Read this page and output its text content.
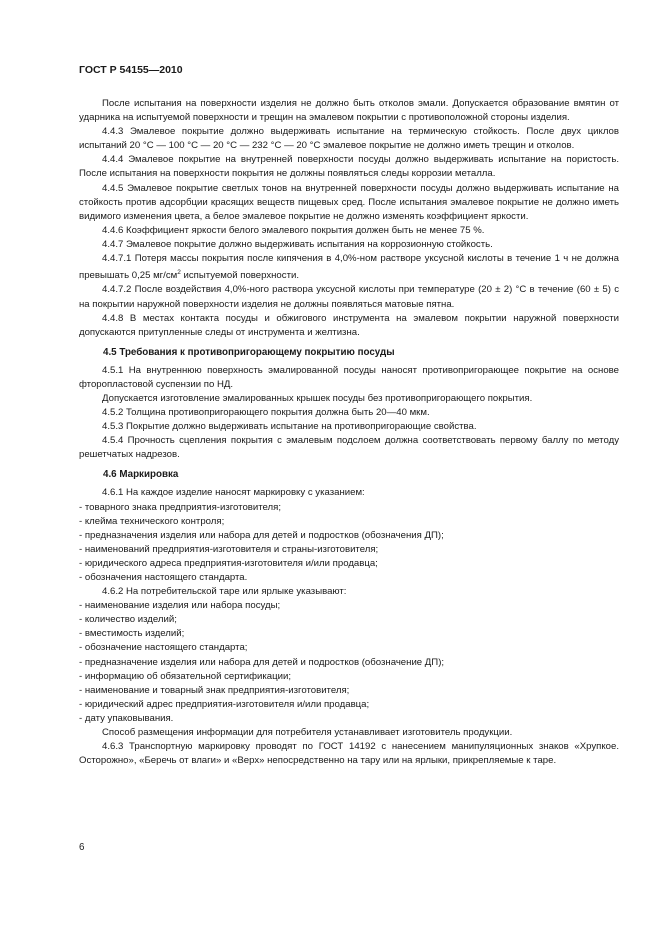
ГОСТ Р 54155—2010

После испытания на поверхности изделия не должно быть отколов эмали. Допускается образование вмятин от ударника на испытуемой поверхности и трещин на эмалевом покрытии с противоположной стороны изделия.

4.4.3 Эмалевое покрытие должно выдерживать испытание на термическую стойкость. После двух циклов испытаний 20 °С — 100 °С — 20 °С — 232 °С — 20 °С эмалевое покрытие не должно иметь трещин и отколов.

4.4.4 Эмалевое покрытие на внутренней поверхности посуды должно выдерживать испытание на пористость. После испытания на поверхности покрытия не должны появляться следы коррозии металла.

4.4.5 Эмалевое покрытие светлых тонов на внутренней поверхности посуды должно выдерживать испытание на стойкость против адсорбции красящих веществ пищевых сред. После испытания эмалевое покрытие не должно иметь видимого изменения цвета, а белое эмалевое покрытие не должно изменять коэффициент яркости.

4.4.6 Коэффициент яркости белого эмалевого покрытия должен быть не менее 75 %.

4.4.7 Эмалевое покрытие должно выдерживать испытания на коррозионную стойкость.

4.4.7.1 Потеря массы покрытия после кипячения в 4,0%-ном растворе уксусной кислоты в течение 1 ч не должна превышать 0,25 $мг/см^2$ испытуемой поверхности.

4.4.7.2 После воздействия 4,0%-ного раствора уксусной кислоты при температуре (20 ± 2) °С в течение (60 ± 5) с на покрытии наружной поверхности изделия не должны появляться матовые пятна.

4.4.8 В местах контакта посуды и обжигового инструмента на эмалевом покрытии наружной поверхности допускаются притупленные следы от инструмента и желтизна.

4.5 Требования к противопригорающему покрытию посуды

4.5.1 На внутреннюю поверхность эмалированной посуды наносят противопригорающее покрытие на основе фторопластовой суспензии по НД.

Допускается изготовление эмалированных крышек посуды без противопригорающего покрытия.

4.5.2 Толщина противопригорающего покрытия должна быть 20—40 мкм.

4.5.3 Покрытие должно выдерживать испытание на противопригорающие свойства.

4.5.4 Прочность сцепления покрытия с эмалевым подслоем должна соответствовать первому баллу по методу решетчатых надрезов.

4.6 Маркировка

4.6.1 На каждое изделие наносят маркировку с указанием:

- товарного знака предприятия-изготовителя;

- клейма технического контроля;

- предназначения изделия или набора для детей и подростков (обозначения ДП);

- наименований предприятия-изготовителя и страны-изготовителя;

- юридического адреса предприятия-изготовителя и/или продавца;

- обозначения настоящего стандарта.

4.6.2 На потребительской таре или ярлыке указывают:

- наименование изделия или набора посуды;

- количество изделий;

- вместимость изделий;

- обозначение настоящего стандарта;

- предназначение изделия или набора для детей и подростков (обозначение ДП);

- информацию об обязательной сертификации;

- наименование и товарный знак предприятия-изготовителя;

- юридический адрес предприятия-изготовителя и/или продавца;

- дату упаковывания.

Способ размещения информации для потребителя устанавливает изготовитель продукции.

4.6.3 Транспортную маркировку проводят по ГОСТ 14192 с нанесением манипуляционных знаков «Хрупкое. Осторожно», «Беречь от влаги» и «Верх» непосредственно на тару или на ярлыки, прикрепляемые к таре.

6
